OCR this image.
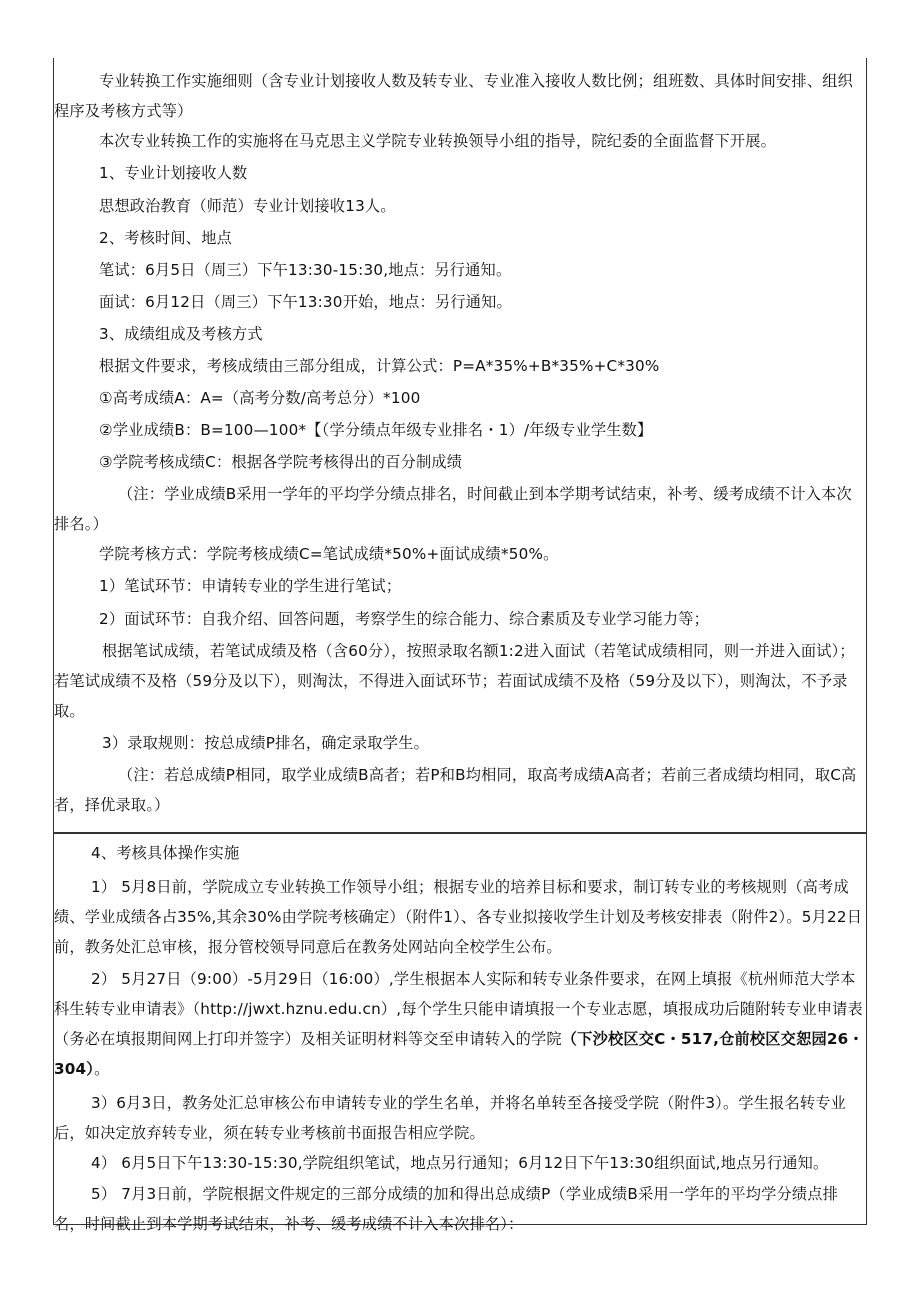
专业转换工作实施细则（含专业计划接收人数及转专业、专业准入接收人数比例；组班数、具体时间安排、组织程序及考核方式等）

本次专业转换工作的实施将在马克思主义学院专业转换领导小组的指导，院纪委的全面监督下开展。

1、专业计划接收人数

思想政治教育（师范）专业计划接收13人。

2、考核时间、地点

笔试：6月5日（周三）下午13:30-15:30,地点：另行通知。

面试：6月12日（周三）下午13:30开始，地点：另行通知。

3、成绩组成及考核方式

根据文件要求，考核成绩由三部分组成，计算公式：P=A*35%+B*35%+C*30%

①高考成绩A：A=（高考分数/高考总分）*100

②学业成绩B：B=100—100*【（学分绩点年级专业排名・1）/年级专业学生数】

③学院考核成绩C：根据各学院考核得出的百分制成绩

（注：学业成绩B采用一学年的平均学分绩点排名，时间截止到本学期考试结束，补考、缓考成绩不计入本次排名。）

学院考核方式：学院考核成绩C=笔试成绩*50%+面试成绩*50%。

1）笔试环节：申请转专业的学生进行笔试；

2）面试环节：自我介绍、回答问题，考察学生的综合能力、综合素质及专业学习能力等；

根据笔试成绩，若笔试成绩及格（含60分），按照录取名额1:2进入面试（若笔试成绩相同，则一并进入面试）；若笔试成绩不及格（59分及以下），则淘汰，不得进入面试环节；若面试成绩不及格（59分及以下），则淘汰，不予录取。

3）录取规则：按总成绩P排名，确定录取学生。

（注：若总成绩P相同，取学业成绩B高者；若P和B均相同，取高考成绩A高者；若前三者成绩均相同，取C高者，择优录取。）

4、考核具体操作实施

1） 5月8日前，学院成立专业转换工作领导小组；根据专业的培养目标和要求，制订转专业的考核规则（高考成绩、学业成绩各占35%,其余30%由学院考核确定）（附件1）、各专业拟接收学生计划及考核安排表（附件2）。5月22日前，教务处汇总审核，报分管校领导同意后在教务处网站向全校学生公布。

2） 5月27日（9:00）-5月29日（16:00）,学生根据本人实际和转专业条件要求，在网上填报《杭州师范大学本科生转专业申请表》（http://jwxt.hznu.edu.cn）,每个学生只能申请填报一个专业志愿，填报成功后随附转专业申请表（务必在填报期间网上打印并签字）及相关证明材料等交至申请转入的学院（下沙校区交C・517,仓前校区交恕园26・304）。

3）6月3日，教务处汇总审核公布申请转专业的学生名单，并将名单转至各接受学院（附件3）。学生报名转专业后，如决定放弃转专业，须在转专业考核前书面报告相应学院。

4） 6月5日下午13:30-15:30,学院组织笔试，地点另行通知；6月12日下午13:30组织面试,地点另行通知。

5） 7月3日前，学院根据文件规定的三部分成绩的加和得出总成绩P（学业成绩B采用一学年的平均学分绩点排名，时间截止到本学期考试结束，补考、缓考成绩不计入本次排名）：
